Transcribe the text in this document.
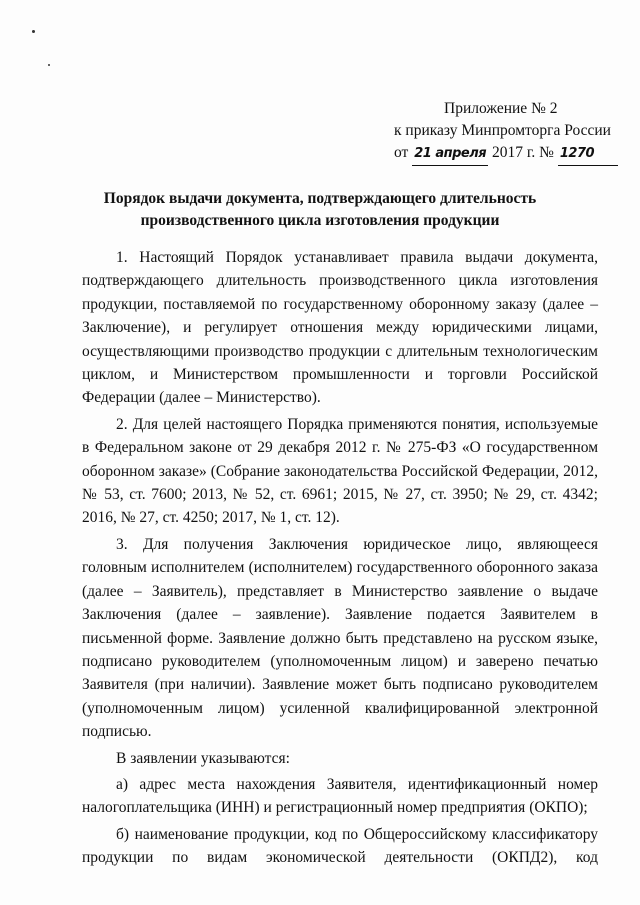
Приложение № 2
к приказу Минпромторга России
от 21 апреля 2017 г. № 1270
Порядок выдачи документа, подтверждающего длительность
производственного цикла изготовления продукции

1. Настоящий Порядок устанавливает правила выдачи документа, подтверждающего длительность производственного цикла изготовления продукции, поставляемой по государственному оборонному заказу (далее – Заключение), и регулирует отношения между юридическими лицами, осуществляющими производство продукции с длительным технологическим циклом, и Министерством промышленности и торговли Российской Федерации (далее – Министерство).

2. Для целей настоящего Порядка применяются понятия, используемые в Федеральном законе от 29 декабря 2012 г. № 275-ФЗ «О государственном оборонном заказе» (Собрание законодательства Российской Федерации, 2012, № 53, ст. 7600; 2013, № 52, ст. 6961; 2015, № 27, ст. 3950; № 29, ст. 4342; 2016, № 27, ст. 4250; 2017, № 1, ст. 12).

3. Для получения Заключения юридическое лицо, являющееся головным исполнителем (исполнителем) государственного оборонного заказа (далее – Заявитель), представляет в Министерство заявление о выдаче Заключения (далее – заявление). Заявление подается Заявителем в письменной форме. Заявление должно быть представлено на русском языке, подписано руководителем (уполномоченным лицом) и заверено печатью Заявителя (при наличии). Заявление может быть подписано руководителем (уполномоченным лицом) усиленной квалифицированной электронной подписью.

В заявлении указываются:

а) адрес места нахождения Заявителя, идентификационный номер налогоплательщика (ИНН) и регистрационный номер предприятия (ОКПО);

б) наименование продукции, код по Общероссийскому классификатору продукции по видам экономической деятельности (ОКПД2), код
